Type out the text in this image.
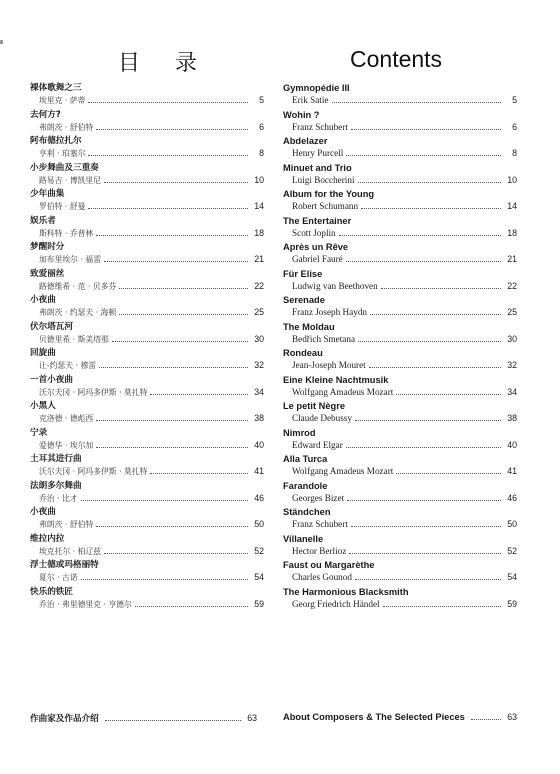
目 录	Contents
裸体歌舞之三
埃里克 · 萨蒂	5
去何方?
弗朗茨 · 舒伯特	6
阿布德拉扎尔
亨利 · 珀塞尔	8
小步舞曲及三重奏
路易吉 · 博凯里尼	10
少年曲集
罗伯特 · 舒曼	14
娱乐者
斯科特 · 乔普林	18
梦醒时分
加布里埃尔 · 福雷	21
致爱丽丝
路德维希 · 范 · 贝多芬	22
小夜曲
弗朗茨 · 约瑟夫 · 海顿	25
伏尔塔瓦河
贝德里希 · 斯美塔那	30
回旋曲
让-约瑟夫 · 穆雷	32
一首小夜曲
沃尔夫冈 · 阿玛多伊斯 · 莫扎特	34
小黑人
克洛德 · 德彪西	38
宁录
爱德华 · 埃尔加	40
土耳其进行曲
沃尔夫冈 · 阿玛多伊斯 · 莫扎特	41
法朗多尔舞曲
乔治 · 比才	46
小夜曲
弗朗茨 · 舒伯特	50
维拉内拉
埃克托尔 · 柏辽兹	52
浮士德或玛格丽特
夏尔 · 古诺	54
快乐的铁匠
乔治 · 弗里德里克 · 亨德尔	59
Gymnopédie III
Erik Satie	5
Wohin ?
Franz Schubert	6
Abdelazer
Henry Purcell	8
Minuet and Trio
Luigi Boccherini	10
Album for the Young
Robert Schumann	14
The Entertainer
Scott Joplin	18
Après un Rêve
Gabriel Fauré	21
Für Elise
Ludwig van Beethoven	22
Serenade
Franz Joseph Haydn	25
The Moldau
Bedřich Smetana	30
Rondeau
Jean-Joseph Mouret	32
Eine Kleine Nachtmusik
Wolfgang Amadeus Mozart	34
Le petit Nègre
Claude Debussy	38
Nimrod
Edward Elgar	40
Alla Turca
Wolfgang Amadeus Mozart	41
Farandole
Georges Bizet	46
Ständchen
Franz Schubert	50
Villanelle
Hector Berlioz	52
Faust ou Margarèthe
Charles Gounod	54
The Harmonious Blacksmith
Georg Friedrich Händel	59
作曲家及作品介绍	63	About Composers & The Selected Pieces	63
